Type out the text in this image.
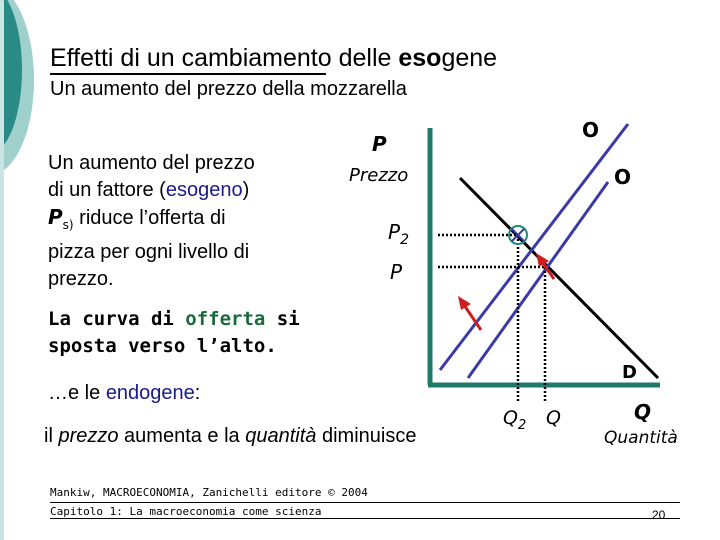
Effetti di un cambiamento delle esogene
Un aumento del prezzo della mozzarella
Un aumento del prezzo
di un fattore (esogeno)
$P_{s)}$ riduce l’offerta di
pizza per ogni livello di
prezzo.
La curva di offerta si
sposta verso l’alto.
…e le endogene:
il prezzo aumenta e la quantità diminuisce
P
Prezzo
$P_2$
P
O
O
D
$Q_2$ Q	Q
Quantità
Mankiw, MACROECONOMIA, Zanichelli editore © 2004
Capitolo 1: La macroeconomia come scienza	20
